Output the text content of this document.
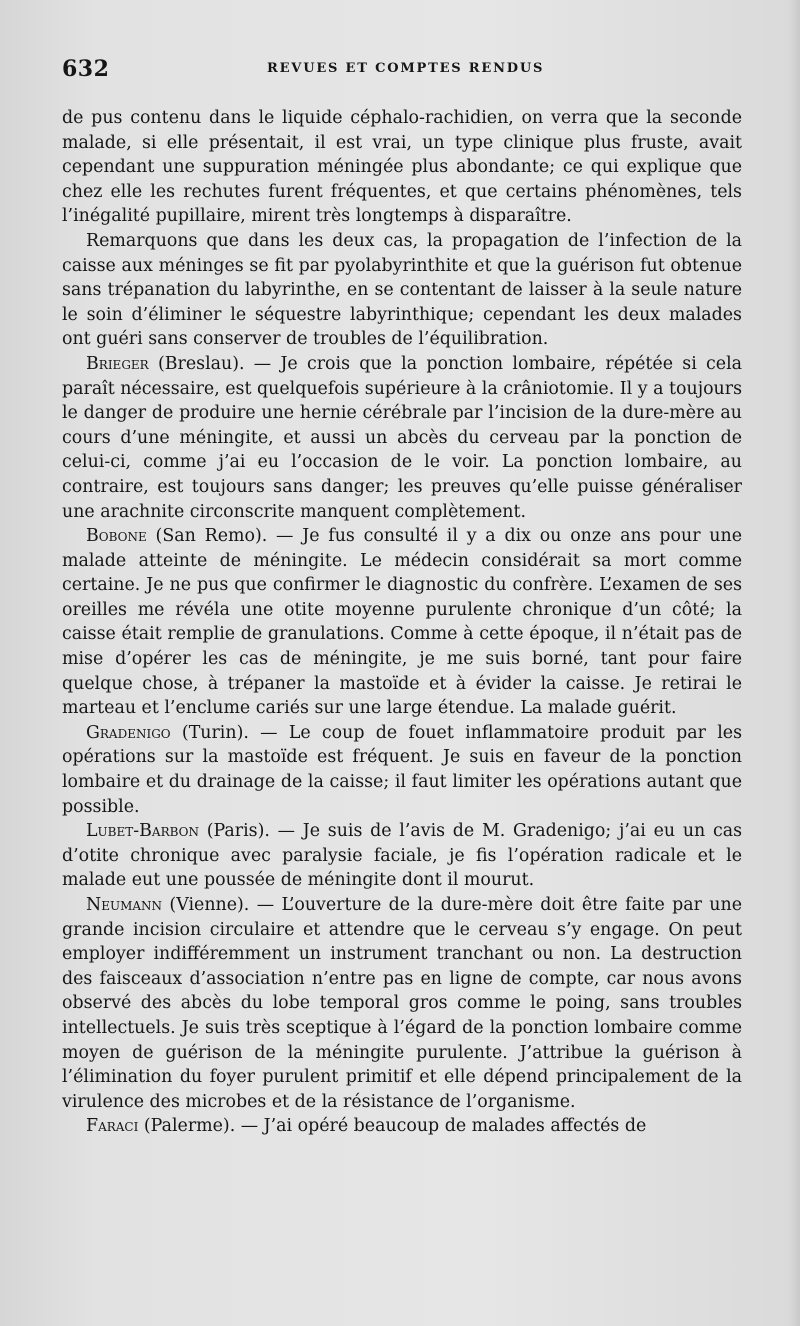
632	REVUES ET COMPTES RENDUS

de pus contenu dans le liquide céphalo-rachidien, on verra que la seconde malade, si elle présentait, il est vrai, un type clinique plus fruste, avait cependant une suppuration méningée plus abondante; ce qui explique que chez elle les rechutes furent fréquentes, et que certains phénomènes, tels l’inégalité pupillaire, mirent très longtemps à disparaître.

Remarquons que dans les deux cas, la propagation de l’infection de la caisse aux méninges se fit par pyolabyrinthite et que la guérison fut obtenue sans trépanation du labyrinthe, en se contentant de laisser à la seule nature le soin d’éliminer le séquestre labyrinthique; cependant les deux malades ont guéri sans conserver de troubles de l’équilibration.

Brieger (Breslau). — Je crois que la ponction lombaire, répétée si cela paraît nécessaire, est quelquefois supérieure à la crâniotomie. Il y a toujours le danger de produire une hernie cérébrale par l’incision de la dure-mère au cours d’une méningite, et aussi un abcès du cerveau par la ponction de celui-ci, comme j’ai eu l’occasion de le voir. La ponction lombaire, au contraire, est toujours sans danger; les preuves qu’elle puisse généraliser une arachnite circonscrite manquent complètement.

Bobone (San Remo). — Je fus consulté il y a dix ou onze ans pour une malade atteinte de méningite. Le médecin considérait sa mort comme certaine. Je ne pus que confirmer le diagnostic du confrère. L’examen de ses oreilles me révéla une otite moyenne purulente chronique d’un côté; la caisse était remplie de granulations. Comme à cette époque, il n’était pas de mise d’opérer les cas de méningite, je me suis borné, tant pour faire quelque chose, à trépaner la mastoïde et à évider la caisse. Je retirai le marteau et l’enclume cariés sur une large étendue. La malade guérit.

Gradenigo (Turin). — Le coup de fouet inflammatoire produit par les opérations sur la mastoïde est fréquent. Je suis en faveur de la ponction lombaire et du drainage de la caisse; il faut limiter les opérations autant que possible.

Lubet-Barbon (Paris). — Je suis de l’avis de M. Gradenigo; j’ai eu un cas d’otite chronique avec paralysie faciale, je fis l’opération radicale et le malade eut une poussée de méningite dont il mourut.

Neumann (Vienne). — L’ouverture de la dure-mère doit être faite par une grande incision circulaire et attendre que le cerveau s’y engage. On peut employer indifféremment un instrument tranchant ou non. La destruction des faisceaux d’association n’entre pas en ligne de compte, car nous avons observé des abcès du lobe temporal gros comme le poing, sans troubles intellectuels. Je suis très sceptique à l’égard de la ponction lombaire comme moyen de guérison de la méningite purulente. J’attribue la guérison à l’élimination du foyer purulent primitif et elle dépend principalement de la virulence des microbes et de la résistance de l’organisme.

Faraci (Palerme). — J’ai opéré beaucoup de malades affectés de
